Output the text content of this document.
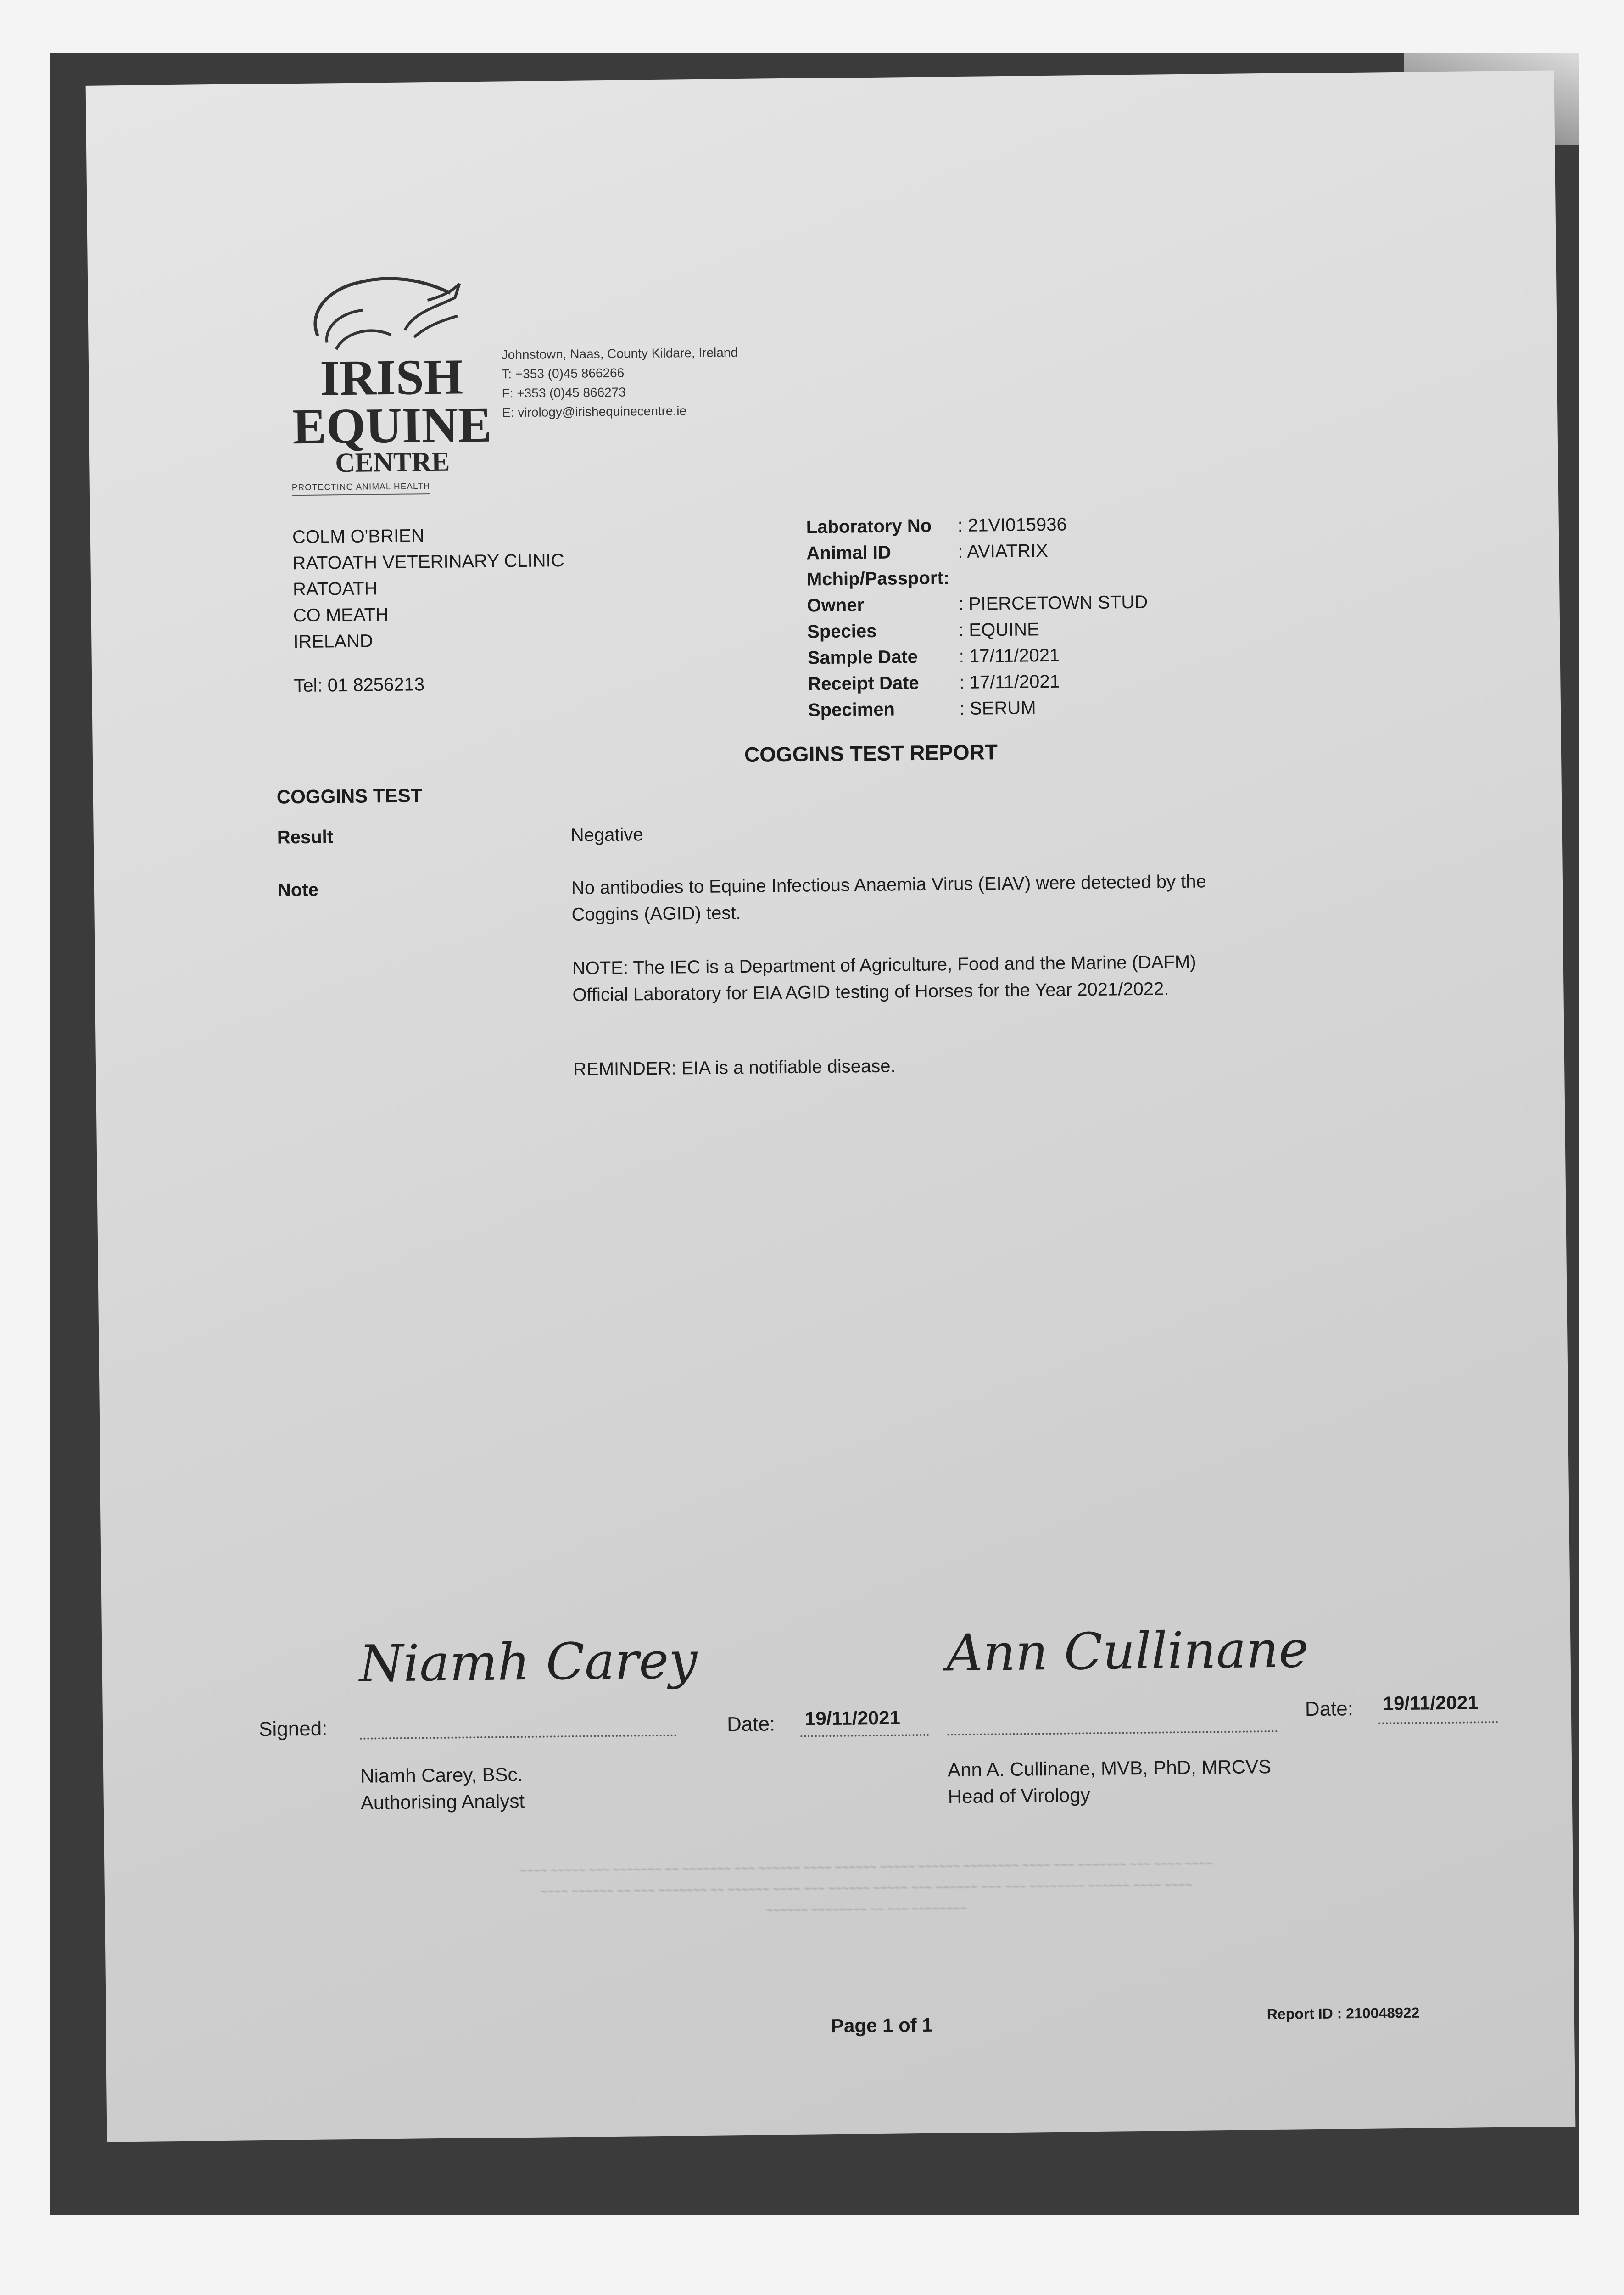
IRISH
EQUINE
CENTRE
PROTECTING ANIMAL HEALTH
Johnstown, Naas, County Kildare, Ireland
T: +353 (0)45 866266
F: +353 (0)45 866273
E: virology@irishequinecentre.ie
COLM O'BRIEN
RATOATH VETERINARY CLINIC
RATOATH
CO MEATH
IRELAND
Tel: 01 8256213
Laboratory No	: 21VI015936
Animal ID	: AVIATRIX
Mchip/Passport:
Owner	: PIERCETOWN STUD
Species	: EQUINE
Sample Date	: 17/11/2021
Receipt Date	: 17/11/2021
Specimen	: SERUM
COGGINS TEST REPORT
COGGINS TEST
Result	Negative
Note	No antibodies to Equine Infectious Anaemia Virus (EIAV) were detected by the Coggins (AGID) test.
NOTE: The IEC is a Department of Agriculture, Food and the Marine (DAFM) Official Laboratory for EIA AGID testing of Horses for the Year 2021/2022.
REMINDER: EIA is a notifiable disease.
Signed:
Niamh Carey
Niamh Carey, BSc.
Authorising Analyst
Date: 19/11/2021
Ann Cullinane
Ann A. Cullinane, MVB, PhD, MRCVS
Head of Virology
Date: 19/11/2021
~~~~ ~~~~~ ~~~ ~~~~~~~ ~~ ~~~~~~~ ~~~ ~~~~~~ ~~~~ ~~~~~~ ~~~~~ ~~~~~~ ~~~~~~~~ ~~~~ ~~~ ~~~~~~~ ~~~ ~~~~ ~~~~
~~~~ ~~~~~~ ~~ ~~~ ~~~~~~~ ~~ ~~~~~~ ~~~~ ~~~ ~~~~~~ ~~~~~ ~~~ ~~~~~~ ~~~ ~~~ ~~~~~~~~ ~~~~~~ ~~~~ ~~~~
~~~~~~ ~~~~~~~~ ~~ ~~~ ~~~~~~~~
Page 1 of 1
Report ID : 210048922
